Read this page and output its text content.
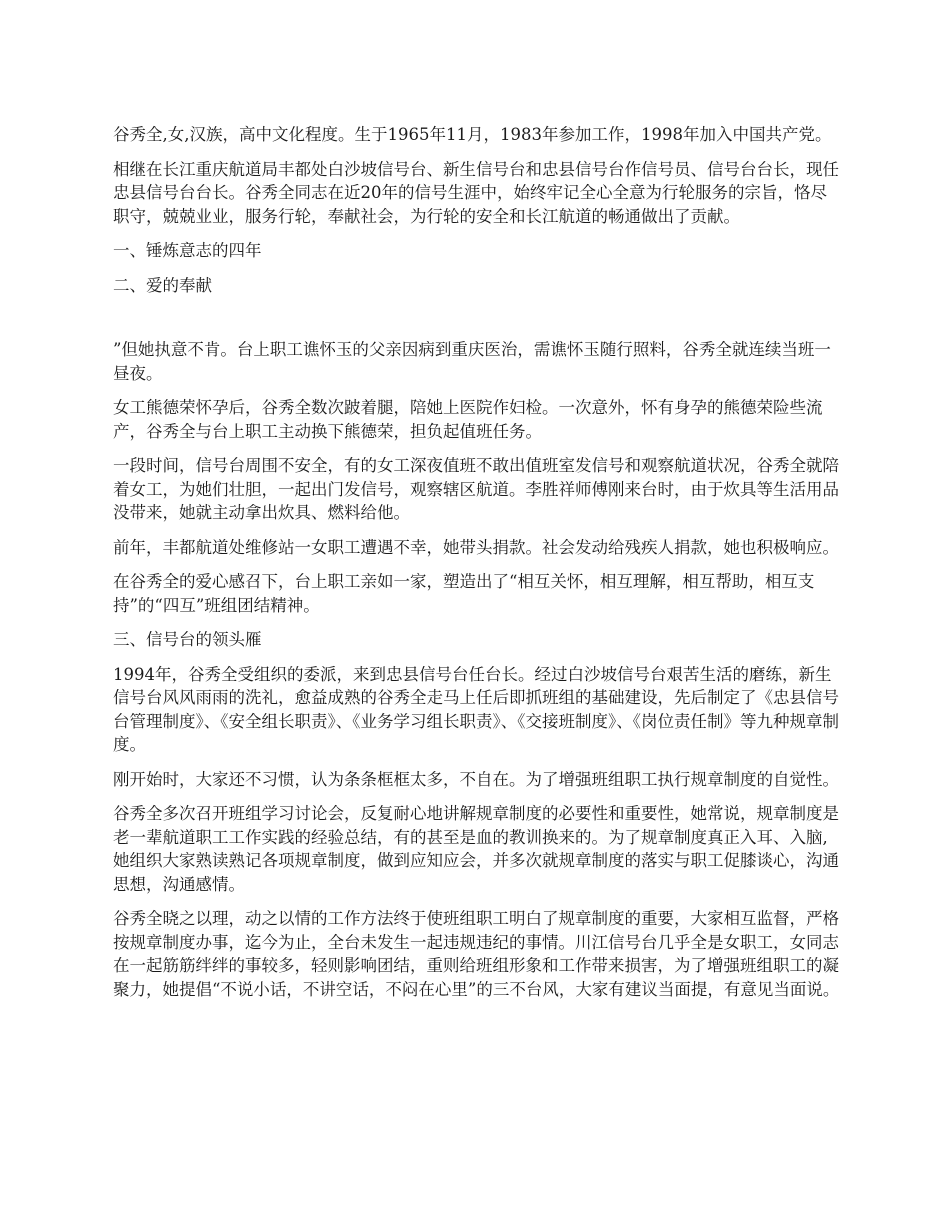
谷秀全,女,汉族，高中文化程度。生于1965年11月，1983年参加工作，1998年加入中国共产党。

相继在长江重庆航道局丰都处白沙坡信号台、新生信号台和忠县信号台作信号员、信号台台长，现任忠县信号台台长。谷秀全同志在近20年的信号生涯中，始终牢记全心全意为行轮服务的宗旨，恪尽职守，兢兢业业，服务行轮，奉献社会，为行轮的安全和长江航道的畅通做出了贡献。

一、锤炼意志的四年

二、爱的奉献

”但她执意不肯。台上职工谯怀玉的父亲因病到重庆医治，需谯怀玉随行照料，谷秀全就连续当班一昼夜。

女工熊德荣怀孕后，谷秀全数次跛着腿，陪她上医院作妇检。一次意外，怀有身孕的熊德荣险些流产，谷秀全与台上职工主动换下熊德荣，担负起值班任务。

一段时间，信号台周围不安全，有的女工深夜值班不敢出值班室发信号和观察航道状况，谷秀全就陪着女工，为她们壮胆，一起出门发信号，观察辖区航道。李胜祥师傅刚来台时，由于炊具等生活用品没带来，她就主动拿出炊具、燃料给他。

前年，丰都航道处维修站一女职工遭遇不幸，她带头捐款。社会发动给残疾人捐款，她也积极响应。

在谷秀全的爱心感召下，台上职工亲如一家，塑造出了“相互关怀，相互理解，相互帮助，相互支持”的“四互”班组团结精神。

三、信号台的领头雁

1994年，谷秀全受组织的委派，来到忠县信号台任台长。经过白沙坡信号台艰苦生活的磨练，新生信号台风风雨雨的洗礼，愈益成熟的谷秀全走马上任后即抓班组的基础建设，先后制定了《忠县信号台管理制度》、《安全组长职责》、《业务学习组长职责》、《交接班制度》、《岗位责任制》等九种规章制度。

刚开始时，大家还不习惯，认为条条框框太多，不自在。为了增强班组职工执行规章制度的自觉性。

谷秀全多次召开班组学习讨论会，反复耐心地讲解规章制度的必要性和重要性，她常说，规章制度是老一辈航道职工工作实践的经验总结，有的甚至是血的教训换来的。为了规章制度真正入耳、入脑,她组织大家熟读熟记各项规章制度，做到应知应会，并多次就规章制度的落实与职工促膝谈心，沟通思想，沟通感情。

谷秀全晓之以理，动之以情的工作方法终于使班组职工明白了规章制度的重要，大家相互监督，严格按规章制度办事，迄今为止，全台未发生一起违规违纪的事情。川江信号台几乎全是女职工，女同志在一起筋筋绊绊的事较多，轻则影响团结，重则给班组形象和工作带来损害，为了增强班组职工的凝聚力，她提倡“不说小话，不讲空话，不闷在心里”的三不台风，大家有建议当面提，有意见当面说。
